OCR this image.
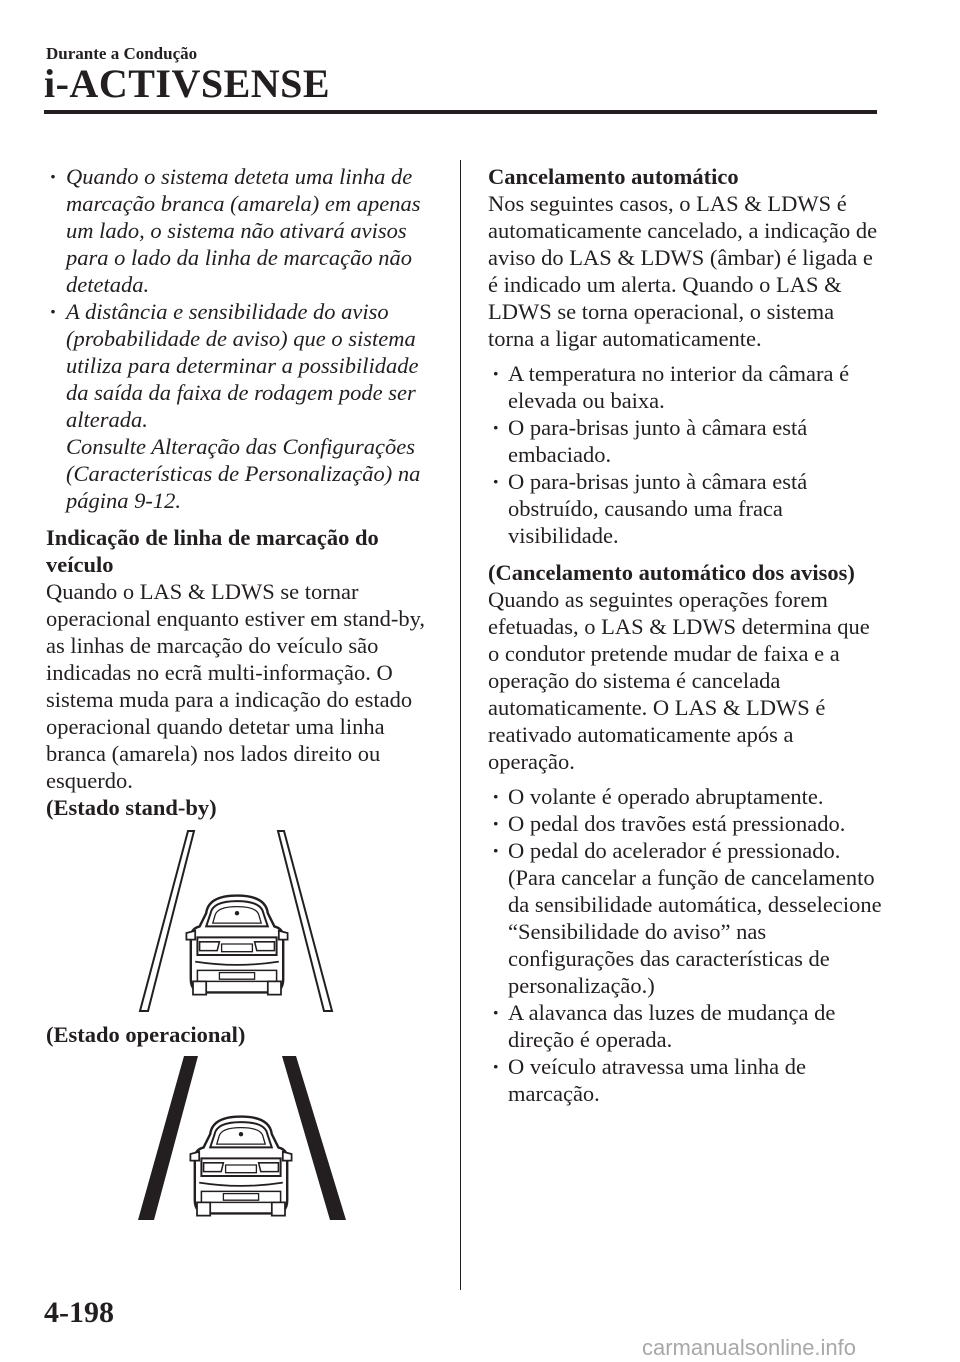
Durante a Condução
i-ACTIVSENSE
· Quando o sistema deteta uma linha de marcação branca (amarela) em apenas um lado, o sistema não ativará avisos para o lado da linha de marcação não detetada.
· A distância e sensibilidade do aviso (probabilidade de aviso) que o sistema utiliza para determinar a possibilidade da saída da faixa de rodagem pode ser alterada.
Consulte Alteração das Configurações (Características de Personalização) na página 9-12.

Indicação de linha de marcação do veículo

Quando o LAS & LDWS se tornar operacional enquanto estiver em stand-by, as linhas de marcação do veículo são indicadas no ecrã multi-informação. O sistema muda para a indicação do estado operacional quando detetar uma linha branca (amarela) nos lados direito ou esquerdo.

(Estado stand-by)

(Estado operacional)

Cancelamento automático

Nos seguintes casos, o LAS & LDWS é automaticamente cancelado, a indicação de aviso do LAS & LDWS (âmbar) é ligada e é indicado um alerta. Quando o LAS & LDWS se torna operacional, o sistema torna a ligar automaticamente.

· A temperatura no interior da câmara é elevada ou baixa.
· O para-brisas junto à câmara está embaciado.
· O para-brisas junto à câmara está obstruído, causando uma fraca visibilidade.

(Cancelamento automático dos avisos)

Quando as seguintes operações forem efetuadas, o LAS & LDWS determina que o condutor pretende mudar de faixa e a operação do sistema é cancelada automaticamente. O LAS & LDWS é reativado automaticamente após a operação.

· O volante é operado abruptamente.
· O pedal dos travões está pressionado.
· O pedal do acelerador é pressionado. (Para cancelar a função de cancelamento da sensibilidade automática, desselecione “Sensibilidade do aviso” nas configurações das características de personalização.)
· A alavanca das luzes de mudança de direção é operada.
· O veículo atravessa uma linha de marcação.
4-198
carmanualsonline.info
